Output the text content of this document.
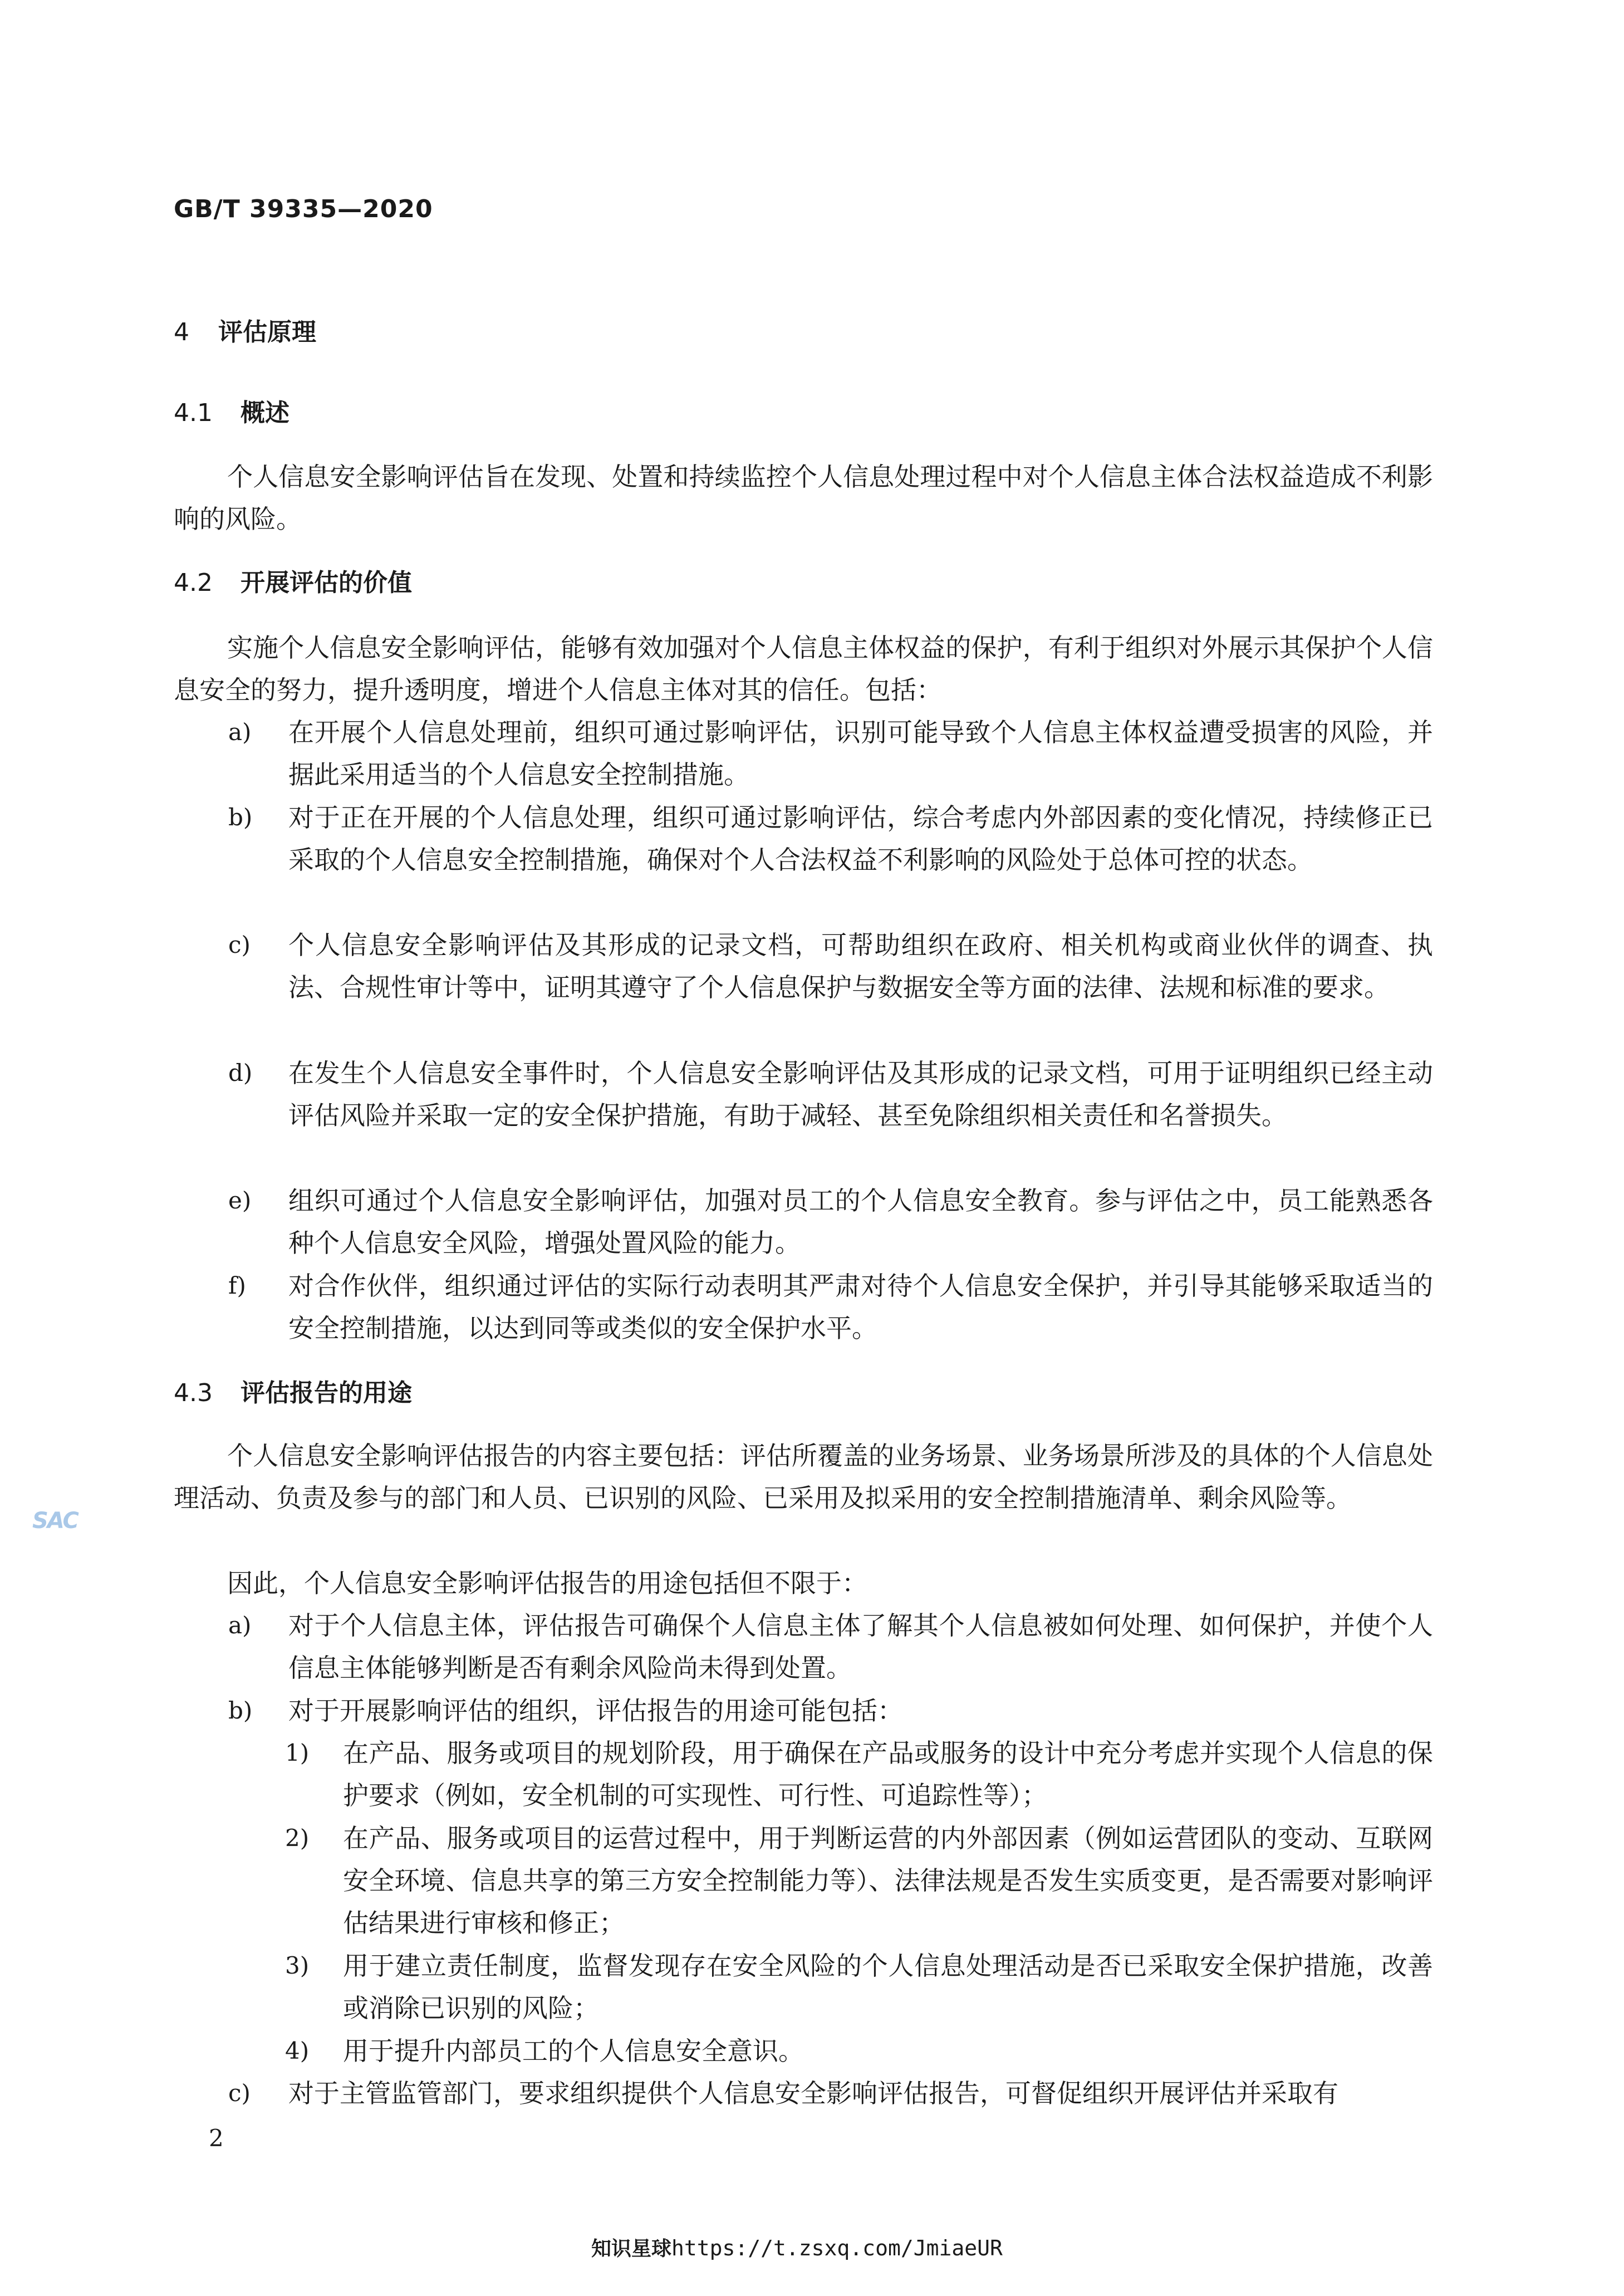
GB/T 39335—2020
4 评估原理
4.1 概述

个人信息安全影响评估旨在发现、处置和持续监控个人信息处理过程中对个人信息主体合法权益造成不利影响的风险。

4.2 开展评估的价值

实施个人信息安全影响评估，能够有效加强对个人信息主体权益的保护，有利于组织对外展示其保护个人信息安全的努力，提升透明度，增进个人信息主体对其的信任。包括：

a) 在开展个人信息处理前，组织可通过影响评估，识别可能导致个人信息主体权益遭受损害的风险，并据此采用适当的个人信息安全控制措施。
b) 对于正在开展的个人信息处理，组织可通过影响评估，综合考虑内外部因素的变化情况，持续修正已采取的个人信息安全控制措施，确保对个人合法权益不利影响的风险处于总体可控的状态。
c) 个人信息安全影响评估及其形成的记录文档，可帮助组织在政府、相关机构或商业伙伴的调查、执法、合规性审计等中，证明其遵守了个人信息保护与数据安全等方面的法律、法规和标准的要求。
d) 在发生个人信息安全事件时，个人信息安全影响评估及其形成的记录文档，可用于证明组织已经主动评估风险并采取一定的安全保护措施，有助于减轻、甚至免除组织相关责任和名誉损失。
e) 组织可通过个人信息安全影响评估，加强对员工的个人信息安全教育。参与评估之中，员工能熟悉各种个人信息安全风险，增强处置风险的能力。
f) 对合作伙伴，组织通过评估的实际行动表明其严肃对待个人信息安全保护，并引导其能够采取适当的安全控制措施，以达到同等或类似的安全保护水平。
4.3 评估报告的用途

个人信息安全影响评估报告的内容主要包括：评估所覆盖的业务场景、业务场景所涉及的具体的个人信息处理活动、负责及参与的部门和人员、已识别的风险、已采用及拟采用的安全控制措施清单、剩余风险等。

因此，个人信息安全影响评估报告的用途包括但不限于：

a) 对于个人信息主体，评估报告可确保个人信息主体了解其个人信息被如何处理、如何保护，并使个人信息主体能够判断是否有剩余风险尚未得到处置。
b) 对于开展影响评估的组织，评估报告的用途可能包括：
1) 在产品、服务或项目的规划阶段，用于确保在产品或服务的设计中充分考虑并实现个人信息的保护要求（例如，安全机制的可实现性、可行性、可追踪性等）；
2) 在产品、服务或项目的运营过程中，用于判断运营的内外部因素（例如运营团队的变动、互联网安全环境、信息共享的第三方安全控制能力等）、法律法规是否发生实质变更，是否需要对影响评估结果进行审核和修正；
3) 用于建立责任制度，监督发现存在安全风险的个人信息处理活动是否已采取安全保护措施，改善或消除已识别的风险；
4) 用于提升内部员工的个人信息安全意识。
c) 对于主管监管部门，要求组织提供个人信息安全影响评估报告，可督促组织开展评估并采取有
2
SAC
知识星球https://t.zsxq.com/JmiaeUR
